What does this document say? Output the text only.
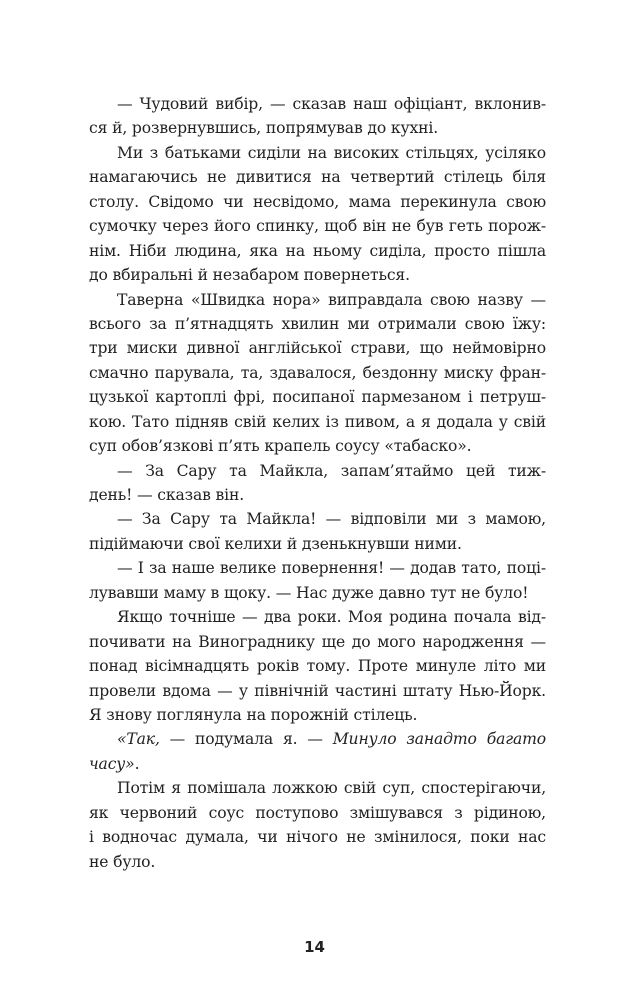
— Чудовий вибір, — сказав наш офіціант, вклонив-
ся й, розвернувшись, попрямував до кухні.
Ми з батьками сиділи на високих стільцях, усіляко
намагаючись не дивитися на четвертий стілець біля
столу. Свідомо чи несвідомо, мама перекинула свою
сумочку через його спинку, щоб він не був геть порож-
нім. Ніби людина, яка на ньому сиділа, просто пішла
до вбиральні й незабаром повернеться.
Таверна «Швидка нора» виправдала свою назву —
всього за п’ятнадцять хвилин ми отримали свою їжу:
три миски дивної англійської страви, що неймовірно
смачно парувала, та, здавалося, бездонну миску фран-
цузької картоплі фрі, посипаної пармезаном і петруш-
кою. Тато підняв свій келих із пивом, а я додала у свій
суп обов’язкові п’ять крапель соусу «табаско».
— За Сару та Майкла, запам’ятаймо цей тиж-
день! — сказав він.
— За Сару та Майкла! — відповіли ми з мамою,
підіймаючи свої келихи й дзенькнувши ними.
— І за наше велике повернення! — додав тато, поці-
лувавши маму в щоку. — Нас дуже давно тут не було!
Якщо точніше — два роки. Моя родина почала від-
почивати на Винограднику ще до мого народження —
понад вісімнадцять років тому. Проте минуле літо ми
провели вдома — у північній частині штату Нью-Йорк.
Я знову поглянула на порожній стілець.
«Так, — подумала я. — Минуло занадто багато
часу».
Потім я помішала ложкою свій суп, спостерігаючи,
як червоний соус поступово змішувався з рідиною,
і водночас думала, чи нічого не змінилося, поки нас
не було.
14
